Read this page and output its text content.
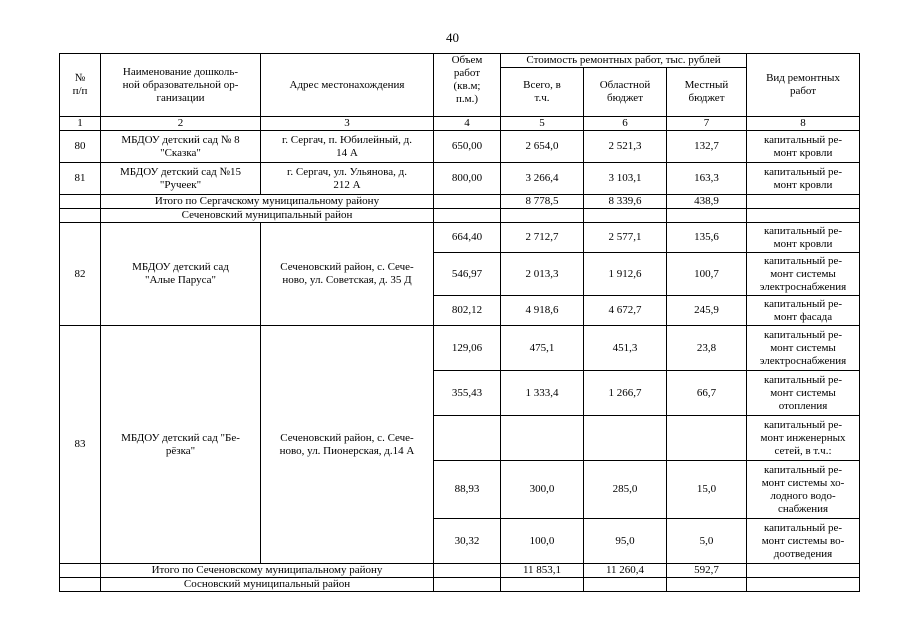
40
№
п/п	Наименование дошколь-
ной образовательной ор-
ганизации	Адрес местонахождения	Объем
работ
(кв.м;
п.м.)	Стоимость ремонтных работ, тыс. рублей			Вид ремонтных
работ
				Всего, в
т.ч.	Областной
бюджет	Местный
бюджет	
1	2	3	4	5	6	7	8
80	МБДОУ детский сад № 8
"Сказка"	г. Сергач, п. Юбилейный, д.
14 А	650,00	2 654,0	2 521,3	132,7	капитальный ре-
монт кровли
81	МБДОУ детский сад №15
"Ручеек"	г. Сергач, ул. Ульянова, д.
212 А	800,00	3 266,4	3 103,1	163,3	капитальный ре-
монт кровли
	Итого по Сергачскому муниципальному району			8 778,5	8 339,6	438,9	
	Сеченовский муниципальный район						
82	МБДОУ детский сад
"Алые Паруса"	Сеченовский район, с. Сече-
ново, ул. Советская, д. 35 Д	664,40	2 712,7	2 577,1	135,6	капитальный ре-
монт кровли
			546,97	2 013,3	1 912,6	100,7	капитальный ре-
монт системы
электроснабжения
			802,12	4 918,6	4 672,7	245,9	капитальный ре-
монт фасада
83	МБДОУ детский сад "Бе-
рёзка"	Сеченовский район, с. Сече-
ново, ул. Пионерская, д.14 А	129,06	475,1	451,3	23,8	капитальный ре-
монт системы
электроснабжения
			355,43	1 333,4	1 266,7	66,7	капитальный ре-
монт системы
отопления
							капитальный ре-
монт инженерных
сетей, в т.ч.:
			88,93	300,0	285,0	15,0	капитальный ре-
монт системы хо-
лодного водо-
снабжения
			30,32	100,0	95,0	5,0	капитальный ре-
монт системы во-
доотведения
	Итого по Сеченовскому муниципальному району			11 853,1	11 260,4	592,7	
	Сосновский муниципальный район						
